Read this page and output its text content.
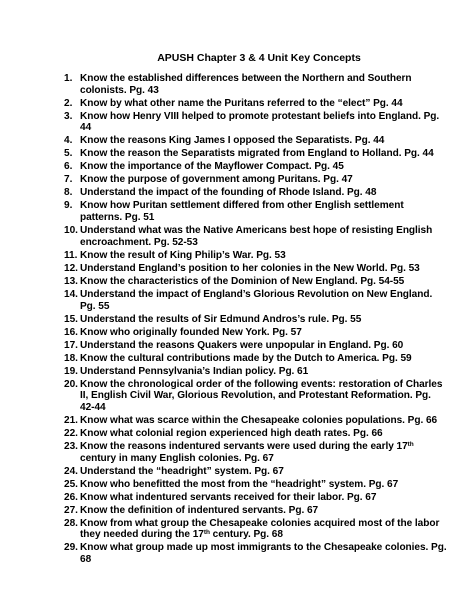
APUSH Chapter 3 & 4 Unit Key Concepts
1. Know the established differences between the Northern and Southern colonists. Pg. 43
2. Know by what other name the Puritans referred to the “elect” Pg. 44
3. Know how Henry VIII helped to promote protestant beliefs into England. Pg. 44
4. Know the reasons King James I opposed the Separatists. Pg. 44
5. Know the reason the Separatists migrated from England to Holland. Pg. 44
6. Know the importance of the Mayflower Compact. Pg. 45
7. Know the purpose of government among Puritans. Pg. 47
8. Understand the impact of the founding of Rhode Island. Pg. 48
9. Know how Puritan settlement differed from other English settlement patterns. Pg. 51
10. Understand what was the Native Americans best hope of resisting English encroachment. Pg. 52-53
11. Know the result of King Philip’s War. Pg. 53
12. Understand England’s position to her colonies in the New World. Pg. 53
13. Know the characteristics of the Dominion of New England. Pg. 54-55
14. Understand the impact of England’s Glorious Revolution on New England. Pg. 55
15. Understand the results of Sir Edmund Andros’s rule. Pg. 55
16. Know who originally founded New York. Pg. 57
17. Understand the reasons Quakers were unpopular in England. Pg. 60
18. Know the cultural contributions made by the Dutch to America. Pg. 59
19. Understand Pennsylvania’s Indian policy. Pg. 61
20. Know the chronological order of the following events: restoration of Charles II, English Civil War, Glorious Revolution, and Protestant Reformation. Pg. 42-44
21. Know what was scarce within the Chesapeake colonies populations. Pg. 66
22. Know what colonial region experienced high death rates. Pg. 66
23. Know the reasons indentured servants were used during the early 17th century in many English colonies. Pg. 67
24. Understand the “headright” system. Pg. 67
25. Know who benefitted the most from the “headright” system. Pg. 67
26. Know what indentured servants received for their labor. Pg. 67
27. Know the definition of indentured servants. Pg. 67
28. Know from what group the Chesapeake colonies acquired most of the labor they needed during the 17th century. Pg. 68
29. Know what group made up most immigrants to the Chesapeake colonies. Pg. 68
